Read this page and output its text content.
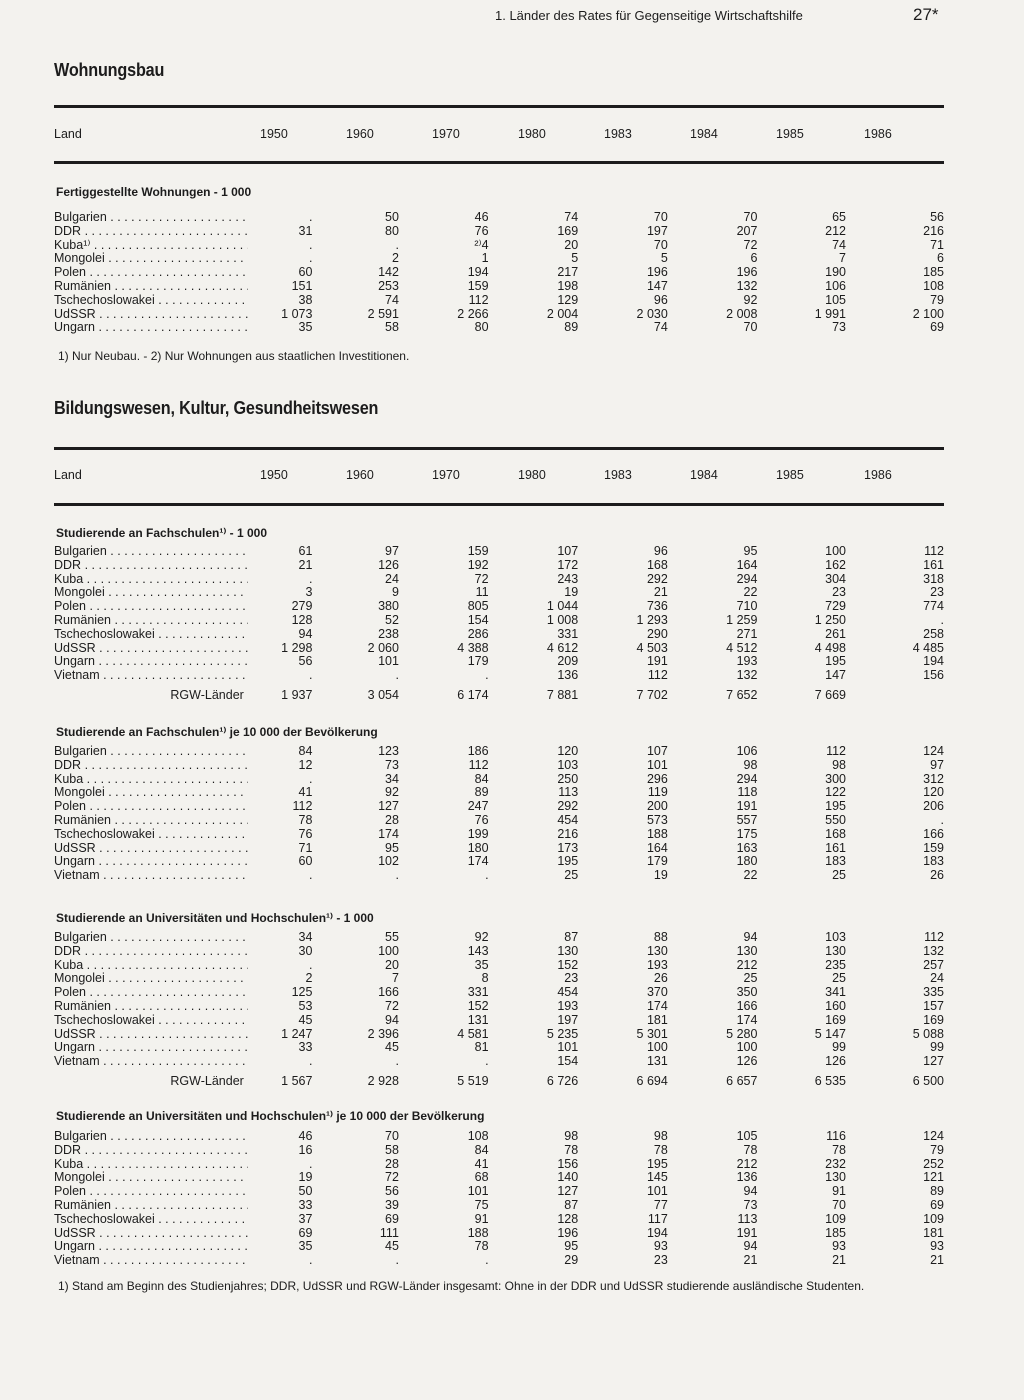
1. Länder des Rates für Gegenseitige Wirtschaftshilfe	27*
Wohnungsbau
Land	1950	1960	1970	1980	1983	1984	1985	1986
Fertiggestellte Wohnungen - 1 000
Bulgarien . . .	.	50	46	74	70	70	65	56
DDR . . .	31	80	76	169	197	207	212	216
Kuba¹⁾ . . .	.	.	²⁾4	20	70	72	74	71
Mongolei . . .	.	2	1	5	5	6	7	6
Polen . . .	60	142	194	217	196	196	190	185
Rumänien . . .	151	253	159	198	147	132	106	108
Tschechoslowakei . . .	38	74	112	129	96	92	105	79
UdSSR . . .	1 073	2 591	2 266	2 004	2 030	2 008	1 991	2 100
Ungarn . . .	35	58	80	89	74	70	73	69
1) Nur Neubau. - 2) Nur Wohnungen aus staatlichen Investitionen.
Bildungswesen, Kultur, Gesundheitswesen
Land	1950	1960	1970	1980	1983	1984	1985	1986
Studierende an Fachschulen¹⁾ - 1 000
Bulgarien . . .	61	97	159	107	96	95	100	112
DDR . . .	21	126	192	172	168	164	162	161
Kuba . . .	.	24	72	243	292	294	304	318
Mongolei . . .	3	9	11	19	21	22	23	23
Polen . . .	279	380	805	1 044	736	710	729	774
Rumänien . . .	128	52	154	1 008	1 293	1 259	1 250	.
Tschechoslowakei . . .	94	238	286	331	290	271	261	258
UdSSR . . .	1 298	2 060	4 388	4 612	4 503	4 512	4 498	4 485
Ungarn . . .	56	101	179	209	191	193	195	194
Vietnam . . .	.	.	.	136	112	132	147	156
RGW-Länder	1 937	3 054	6 174	7 881	7 702	7 652	7 669	
Studierende an Fachschulen¹⁾ je 10 000 der Bevölkerung
Bulgarien . . .	84	123	186	120	107	106	112	124
DDR . . .	12	73	112	103	101	98	98	97
Kuba . . .	.	34	84	250	296	294	300	312
Mongolei . . .	41	92	89	113	119	118	122	120
Polen . . .	112	127	247	292	200	191	195	206
Rumänien . . .	78	28	76	454	573	557	550	.
Tschechoslowakei . . .	76	174	199	216	188	175	168	166
UdSSR . . .	71	95	180	173	164	163	161	159
Ungarn . . .	60	102	174	195	179	180	183	183
Vietnam . . .	.	.	.	25	19	22	25	26
Studierende an Universitäten und Hochschulen¹⁾ - 1 000
Bulgarien . . .	34	55	92	87	88	94	103	112
DDR . . .	30	100	143	130	130	130	130	132
Kuba . . .	.	20	35	152	193	212	235	257
Mongolei . . .	2	7	8	23	26	25	25	24
Polen . . .	125	166	331	454	370	350	341	335
Rumänien . . .	53	72	152	193	174	166	160	157
Tschechoslowakei . . .	45	94	131	197	181	174	169	169
UdSSR . . .	1 247	2 396	4 581	5 235	5 301	5 280	5 147	5 088
Ungarn . . .	33	45	81	101	100	100	99	99
Vietnam . . .	.	.	.	154	131	126	126	127
RGW-Länder	1 567	2 928	5 519	6 726	6 694	6 657	6 535	6 500
Studierende an Universitäten und Hochschulen¹⁾ je 10 000 der Bevölkerung
Bulgarien . . .	46	70	108	98	98	105	116	124
DDR . . .	16	58	84	78	78	78	78	79
Kuba . . .	.	28	41	156	195	212	232	252
Mongolei . . .	19	72	68	140	145	136	130	121
Polen . . .	50	56	101	127	101	94	91	89
Rumänien . . .	33	39	75	87	77	73	70	69
Tschechoslowakei . . .	37	69	91	128	117	113	109	109
UdSSR . . .	69	111	188	196	194	191	185	181
Ungarn . . .	35	45	78	95	93	94	93	93
Vietnam . . .	.	.	.	29	23	21	21	21
1) Stand am Beginn des Studienjahres; DDR, UdSSR und RGW-Länder insgesamt: Ohne in der DDR und UdSSR studierende ausländische Studenten.
